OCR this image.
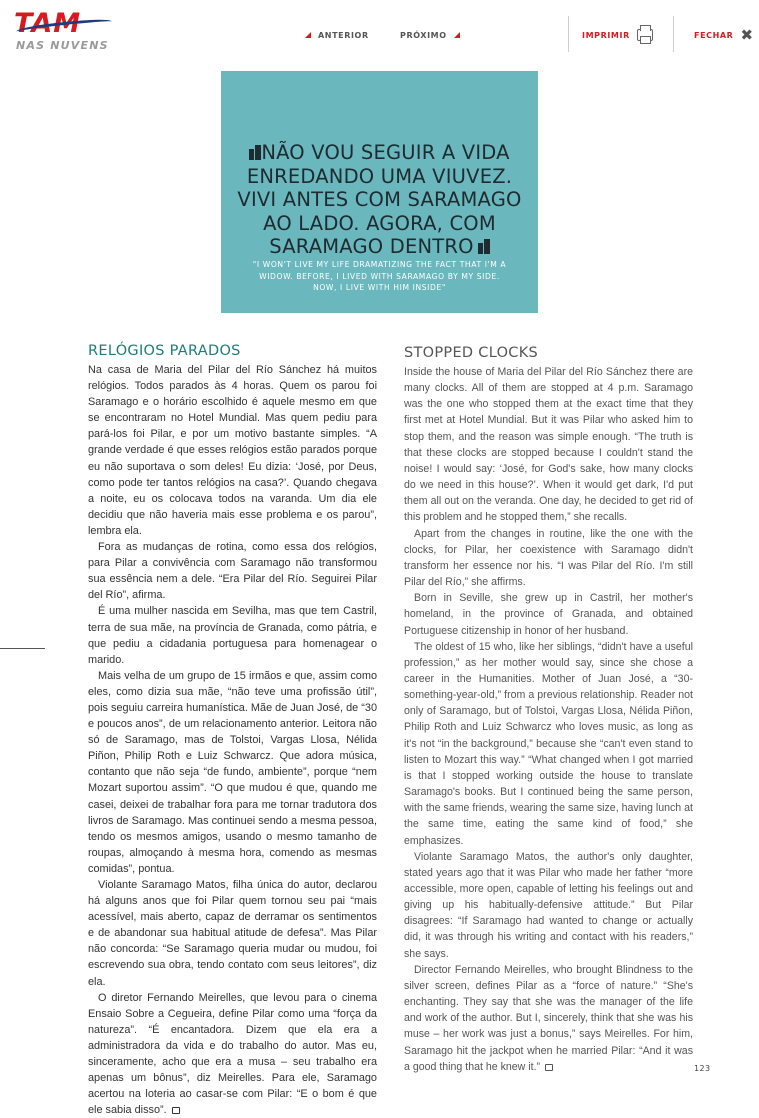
TAM
NAS NUVENS
ANTERIOR	PRÓXIMO	IMPRIMIR	FECHAR ✖
NÃO VOU SEGUIR A VIDA ENREDANDO UMA VIUVEZ. VIVI ANTES COM SARAMAGO AO LADO. AGORA, COM SARAMAGO DENTRO
"I WON'T LIVE MY LIFE DRAMATIZING THE FACT THAT I'M A WIDOW. BEFORE, I LIVED WITH SARAMAGO BY MY SIDE. NOW, I LIVE WITH HIM INSIDE"
RELÓGIOS PARADOS

Na casa de Maria del Pilar del Río Sánchez há muitos relógios. Todos parados às 4 horas. Quem os parou foi Saramago e o horário escolhido é aquele mesmo em que se encontraram no Hotel Mundial. Mas quem pediu para pará-los foi Pilar, e por um motivo bastante simples. “A grande verdade é que esses relógios estão parados porque eu não suportava o som deles! Eu dizia: ‘José, por Deus, como pode ter tantos relógios na casa?’. Quando chegava a noite, eu os colocava todos na varanda. Um dia ele decidiu que não haveria mais esse problema e os parou”, lembra ela.

Fora as mudanças de rotina, como essa dos relógios, para Pilar a convivência com Saramago não transformou sua essência nem a dele. “Era Pilar del Río. Seguirei Pilar del Río”, afirma.

É uma mulher nascida em Sevilha, mas que tem Castril, terra de sua mãe, na província de Granada, como pátria, e que pediu a cidadania portuguesa para homenagear o marido.

Mais velha de um grupo de 15 irmãos e que, assim como eles, como dizia sua mãe, “não teve uma profissão útil”, pois seguiu carreira humanística. Mãe de Juan José, de “30 e poucos anos”, de um relacionamento anterior. Leitora não só de Saramago, mas de Tolstoi, Vargas Llosa, Nélida Piñon, Philip Roth e Luiz Schwarcz. Que adora música, contanto que não seja “de fundo, ambiente”, porque “nem Mozart suportou assim”. “O que mudou é que, quando me casei, deixei de trabalhar fora para me tornar tradutora dos livros de Saramago. Mas continuei sendo a mesma pessoa, tendo os mesmos amigos, usando o mesmo tamanho de roupas, almoçando à mesma hora, comendo as mesmas comidas”, pontua.

Violante Saramago Matos, filha única do autor, declarou há alguns anos que foi Pilar quem tornou seu pai “mais acessível, mais aberto, capaz de derramar os sentimentos e de abandonar sua habitual atitude de defesa”. Mas Pilar não concorda: “Se Saramago queria mudar ou mudou, foi escrevendo sua obra, tendo contato com seus leitores”, diz ela.

O diretor Fernando Meirelles, que levou para o cinema Ensaio Sobre a Cegueira, define Pilar como uma “força da natureza”. “É encantadora. Dizem que ela era a administradora da vida e do trabalho do autor. Mas eu, sinceramente, acho que era a musa – seu trabalho era apenas um bônus”, diz Meirelles. Para ele, Saramago acertou na loteria ao casar-se com Pilar: “E o bom é que ele sabia disso”.

STOPPED CLOCKS

Inside the house of Maria del Pilar del Río Sánchez there are many clocks. All of them are stopped at 4 p.m. Saramago was the one who stopped them at the exact time that they first met at Hotel Mundial. But it was Pilar who asked him to stop them, and the reason was simple enough. “The truth is that these clocks are stopped because I couldn't stand the noise! I would say: ‘José, for God's sake, how many clocks do we need in this house?’. When it would get dark, I'd put them all out on the veranda. One day, he decided to get rid of this problem and he stopped them,” she recalls.

Apart from the changes in routine, like the one with the clocks, for Pilar, her coexistence with Saramago didn't transform her essence nor his. “I was Pilar del Río. I'm still Pilar del Río,” she affirms.

Born in Seville, she grew up in Castril, her mother's homeland, in the province of Granada, and obtained Portuguese citizenship in honor of her husband.

The oldest of 15 who, like her siblings, “didn't have a useful profession,” as her mother would say, since she chose a career in the Humanities. Mother of Juan José, a “30-something-year-old,” from a previous relationship. Reader not only of Saramago, but of Tolstoi, Vargas Llosa, Nélida Piñon, Philip Roth and Luiz Schwarcz who loves music, as long as it's not “in the background,” because she “can't even stand to listen to Mozart this way.” “What changed when I got married is that I stopped working outside the house to translate Saramago's books. But I continued being the same person, with the same friends, wearing the same size, having lunch at the same time, eating the same kind of food,” she emphasizes.

Violante Saramago Matos, the author's only daughter, stated years ago that it was Pilar who made her father “more accessible, more open, capable of letting his feelings out and giving up his habitually-defensive attitude.” But Pilar disagrees: “If Saramago had wanted to change or actually did, it was through his writing and contact with his readers,” she says.

Director Fernando Meirelles, who brought Blindness to the silver screen, defines Pilar as a “force of nature.” “She's enchanting. They say that she was the manager of the life and work of the author. But I, sincerely, think that she was his muse – her work was just a bonus,” says Meirelles. For him, Saramago hit the jackpot when he married Pilar: “And it was a good thing that he knew it.”	123
